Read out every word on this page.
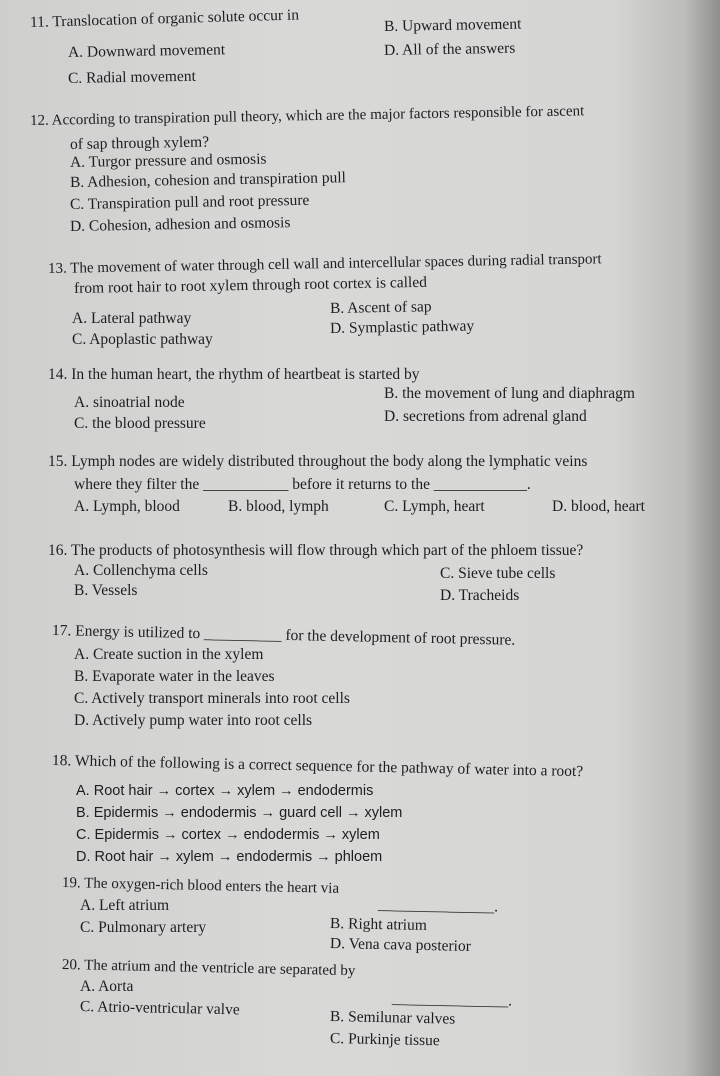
11. Translocation of organic solute occur in	B. Upward movement
A. Downward movement	D. All of the answers
C. Radial movement
12. According to transpiration pull theory, which are the major factors responsible for ascent
of sap through xylem?
A. Turgor pressure and osmosis
B. Adhesion, cohesion and transpiration pull
C. Transpiration pull and root pressure
D. Cohesion, adhesion and osmosis
13. The movement of water through cell wall and intercellular spaces during radial transport
from root hair to root xylem through root cortex is called
A. Lateral pathway
B. Ascent of sap
C. Apoplastic pathway
D. Symplastic pathway
14. In the human heart, the rhythm of heartbeat is started by
A. sinoatrial node
B. the movement of lung and diaphragm
C. the blood pressure	D. secretions from adrenal gland
15. Lymph nodes are widely distributed throughout the body along the lymphatic veins
where they filter the ___________ before it returns to the ____________.
A. Lymph, blood	B. blood, lymph	C. Lymph, heart	D. blood, heart
16. The products of photosynthesis will flow through which part of the phloem tissue?
A. Collenchyma cells	C. Sieve tube cells
B. Vessels	D. Tracheids
17. Energy is utilized to __________ for the development of root pressure.
A. Create suction in the xylem
B. Evaporate water in the leaves
C. Actively transport minerals into root cells
D. Actively pump water into root cells
18. Which of the following is a correct sequence for the pathway of water into a root?
A. Root hair → cortex → xylem → endodermis
B. Epidermis → endodermis → guard cell → xylem
C. Epidermis → cortex → endodermis → xylem
D. Root hair → xylem → endodermis → phloem
19. The oxygen-rich blood enters the heart via
_______________.
A. Left atrium
C. Pulmonary artery	B. Right atrium
D. Vena cava posterior
20. The atrium and the ventricle are separated by
_______________.
A. Aorta
C. Atrio-ventricular valve	B. Semilunar valves
C. Purkinje tissue
